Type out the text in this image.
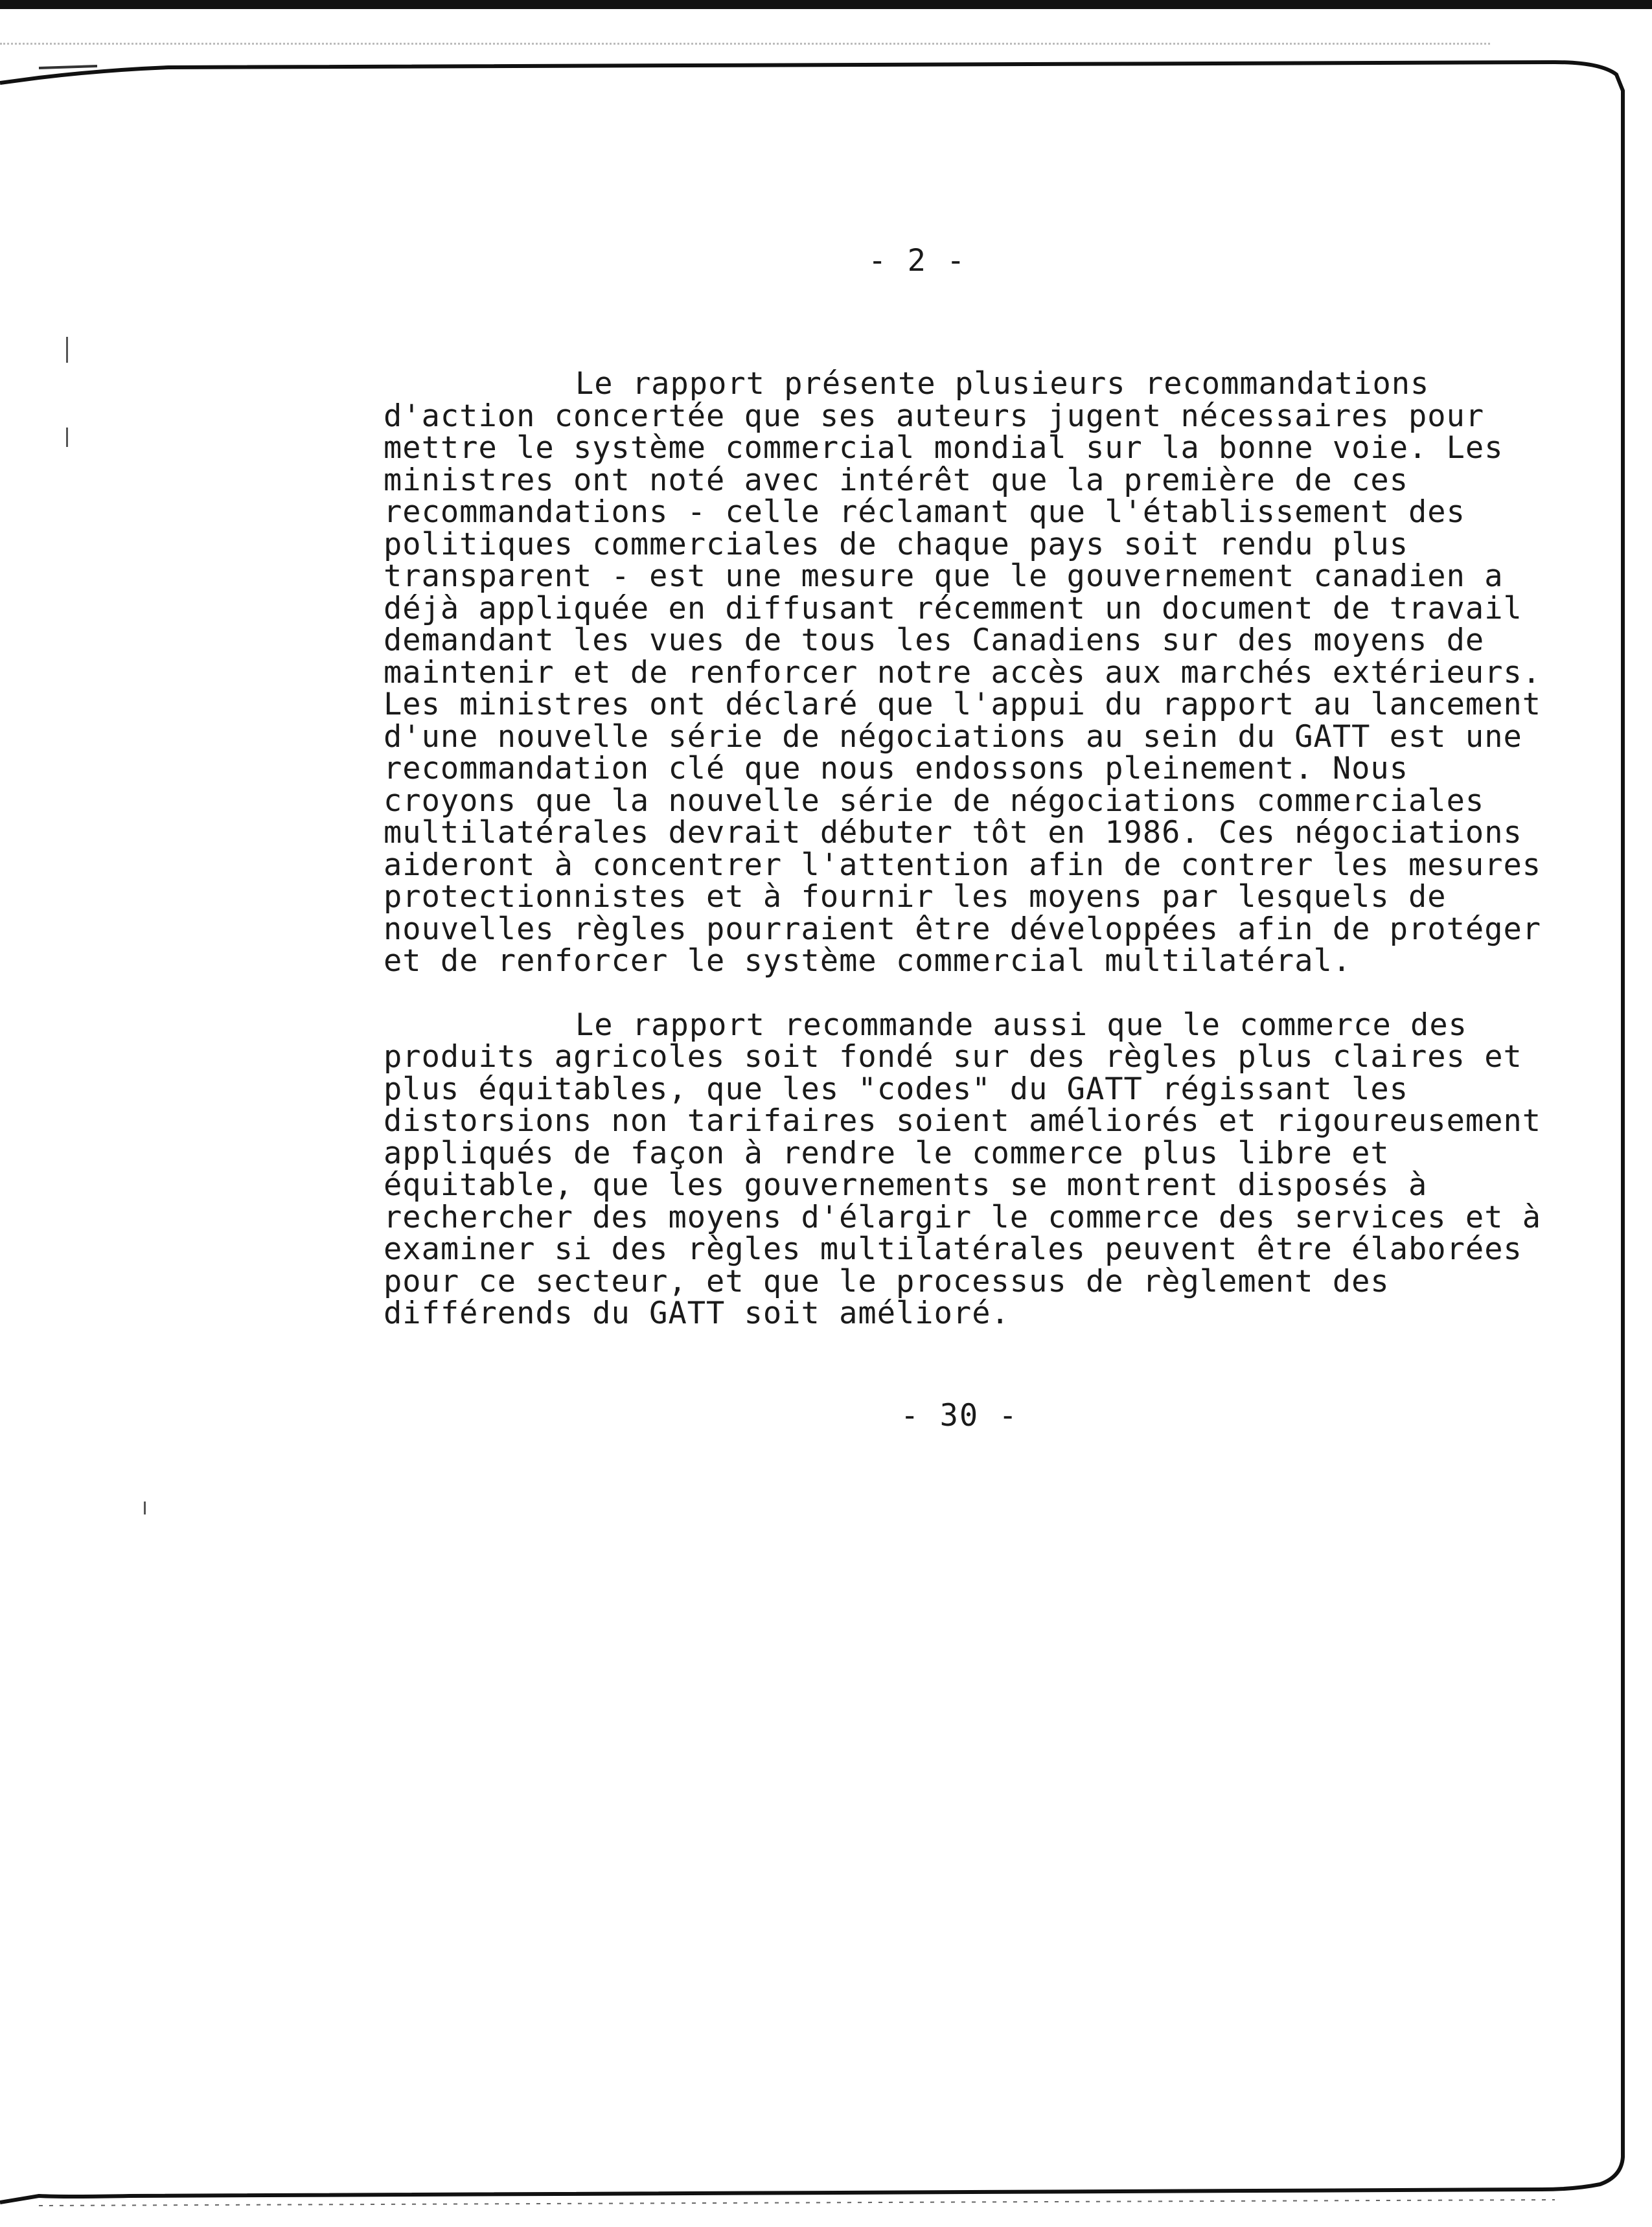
- 2 -

Le rapport présente plusieurs recommandations d'action concertée que ses auteurs jugent nécessaires pour mettre le système commercial mondial sur la bonne voie. Les ministres ont noté avec intérêt que la première de ces recommandations - celle réclamant que l'établissement des politiques commerciales de chaque pays soit rendu plus transparent - est une mesure que le gouvernement canadien a déjà appliquée en diffusant récemment un document de travail demandant les vues de tous les Canadiens sur des moyens de maintenir et de renforcer notre accès aux marchés extérieurs. Les ministres ont déclaré que l'appui du rapport au lancement d'une nouvelle série de négociations au sein du GATT est une recommandation clé que nous endossons pleinement. Nous croyons que la nouvelle série de négociations commerciales multilatérales devrait débuter tôt en 1986. Ces négociations aideront à concentrer l'attention afin de contrer les mesures protectionnistes et à fournir les moyens par lesquels de nouvelles règles pourraient être développées afin de protéger et de renforcer le système commercial multilatéral.

Le rapport recommande aussi que le commerce des produits agricoles soit fondé sur des règles plus claires et plus équitables, que les "codes" du GATT régissant les distorsions non tarifaires soient améliorés et rigoureusement appliqués de façon à rendre le commerce plus libre et équitable, que les gouvernements se montrent disposés à rechercher des moyens d'élargir le commerce des services et à examiner si des règles multilatérales peuvent être élaborées pour ce secteur, et que le processus de règlement des différends du GATT soit amélioré.

- 30 -
